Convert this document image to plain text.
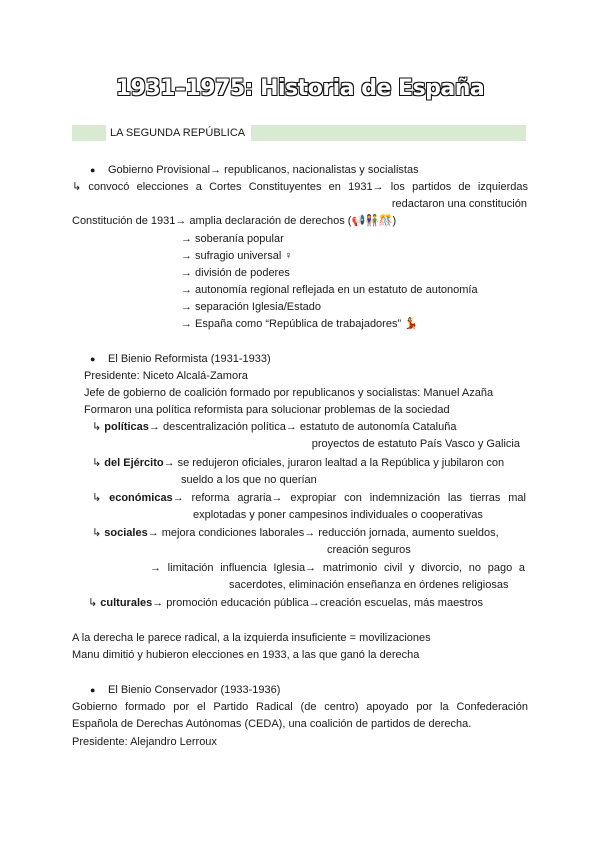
1931–1975: Historia de España
LA SEGUNDA REPÚBLICA
● Gobierno Provisional→ republicanos, nacionalistas y socialistas
↳ convocó elecciones a Cortes Constituyentes en 1931→ los partidos de izquierdas
redactaron una constitución
Constitución de 1931→ amplia declaración de derechos (📢👫🎊)
→ soberanía popular
→ sufragio universal ♀
→ división de poderes
→ autonomía regional reflejada en un estatuto de autonomía
→ separación Iglesia/Estado
→ España como “República de trabajadores” 💃
● El Bienio Reformista (1931-1933)
Presidente: Niceto Alcalá-Zamora
Jefe de gobierno de coalición formado por republicanos y socialistas: Manuel Azaña
Formaron una política reformista para solucionar problemas de la sociedad
↳ políticas→ descentralización política→ estatuto de autonomía Cataluña
proyectos de estatuto País Vasco y Galicia
↳ del Ejército→ se redujeron oficiales, juraron lealtad a la República y jubilaron con
sueldo a los que no querían
↳ económicas→ reforma agraria→ expropiar con indemnización las tierras mal
explotadas y poner campesinos individuales o cooperativas
↳ sociales→ mejora condiciones laborales→ reducción jornada, aumento sueldos,
creación seguros
→ limitación influencia Iglesia→ matrimonio civil y divorcio, no pago a
sacerdotes, eliminación enseñanza en órdenes religiosas
↳ culturales→ promoción educación pública→creación escuelas, más maestros
A la derecha le parece radical, a la izquierda insuficiente = movilizaciones
Manu dimitió y hubieron elecciones en 1933, a las que ganó la derecha
● El Bienio Conservador (1933-1936)
Gobierno formado por el Partido Radical (de centro) apoyado por la Confederación
Española de Derechas Autónomas (CEDA), una coalición de partidos de derecha.
Presidente: Alejandro Lerroux
